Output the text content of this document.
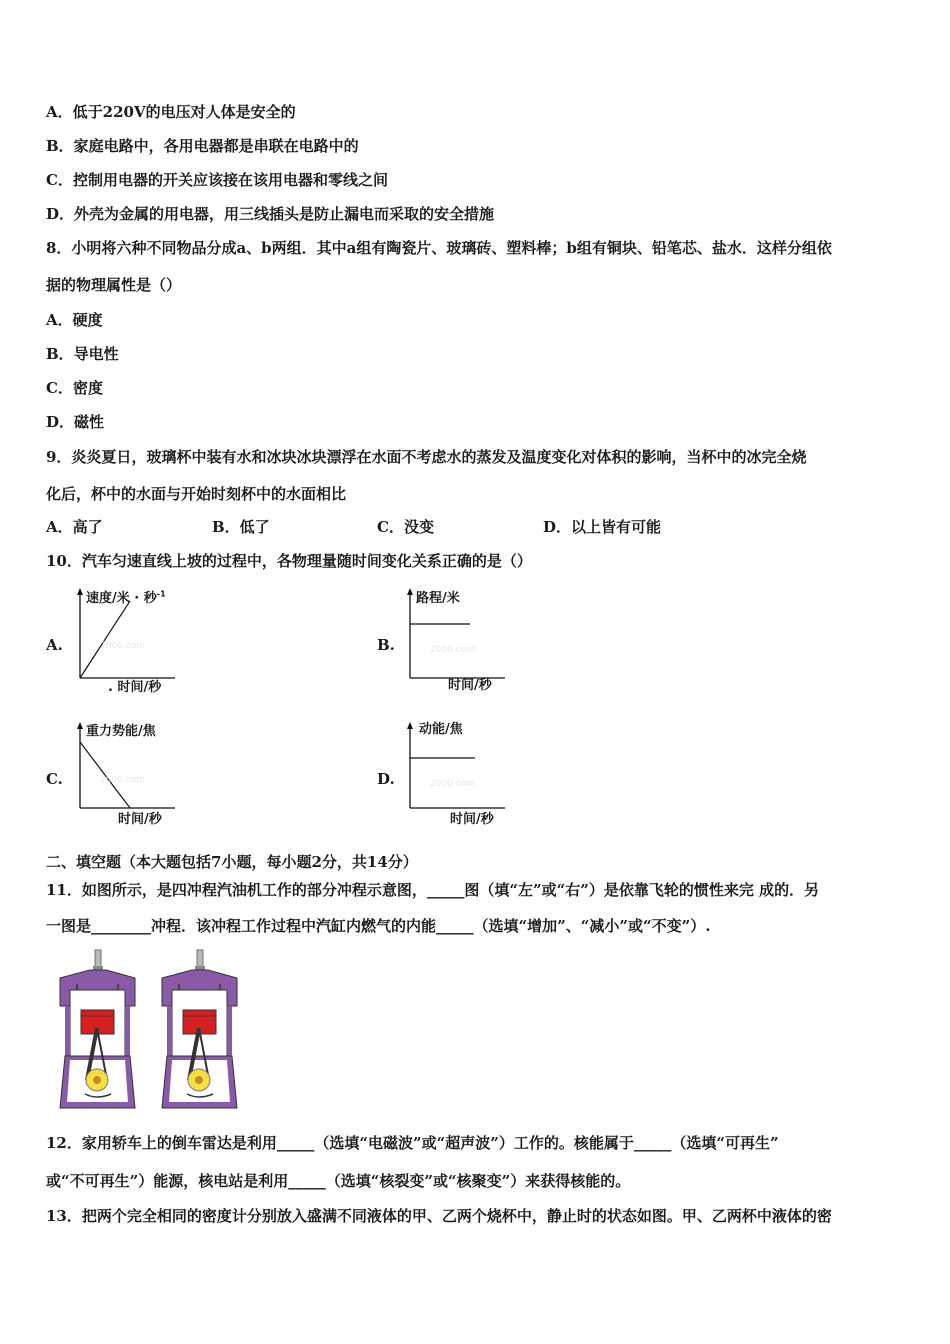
A．低于220V的电压对人体是安全的
B．家庭电路中，各用电器都是串联在电路中的
C．控制用电器的开关应该接在该用电器和零线之间
D．外壳为金属的用电器，用三线插头是防止漏电而采取的安全措施
8．小明将六种不同物品分成a、b两组．其中a组有陶瓷片、玻璃砖、塑料棒；b组有铜块、铅笔芯、盐水．这样分组依
据的物理属性是（）
A．硬度
B．导电性
C．密度
D．磁性
9．炎炎夏日，玻璃杯中装有水和冰块冰块漂浮在水面不考虑水的蒸发及温度变化对体积的影响，当杯中的冰完全烧
化后，杯中的水面与开始时刻杯中的水面相比
A．高了	B．低了	C．没变	D．以上皆有可能
10．汽车匀速直线上坡的过程中，各物理量随时间变化关系正确的是（）
A.	2000.com
速度/米 · 秒$^{-1}$
. 时间/秒
B.	2000.com
路程/米
时间/秒
C.	2000.com
重力势能/焦
时间/秒
D.	2000.com
动能/焦
时间/秒
二、填空题（本大题包括7小题，每小题2分，共14分）
11．如图所示，是四冲程汽油机工作的部分冲程示意图，_____图（填“左”或“右”）是依靠飞轮的惯性来完 成的．另
一图是________冲程．该冲程工作过程中汽缸内燃气的内能_____（选填“增加”、“减小”或“不变”）.
12．家用轿车上的倒车雷达是利用_____（选填“电磁波”或“超声波”）工作的。核能属于_____（选填“可再生”
或“不可再生”）能源，核电站是利用_____（选填“核裂变”或“核聚变”）来获得核能的。
13．把两个完全相同的密度计分别放入盛满不同液体的甲、乙两个烧杯中，静止时的状态如图。甲、乙两杯中液体的密
